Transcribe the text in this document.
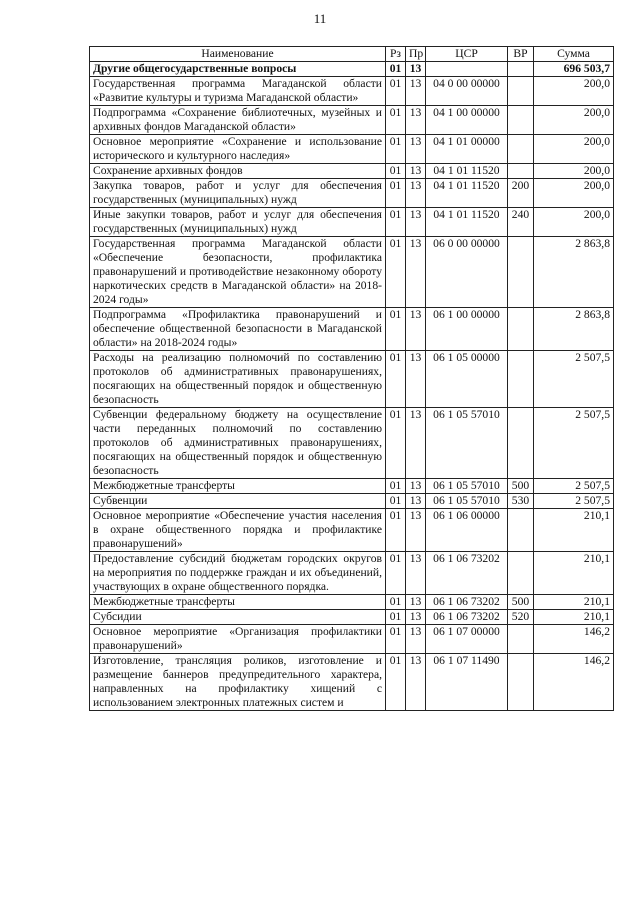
11
Наименование	Рз	Пр	ЦСР	ВР	Сумма
Другие общегосударственные вопросы	01	13			696 503,7
Государственная программа Магаданской области «Развитие культуры и туризма Магаданской области»	01	13	04 0 00 00000		200,0
Подпрограмма «Сохранение библиотечных, музейных и архивных фондов Магаданской области»	01	13	04 1 00 00000		200,0
Основное мероприятие «Сохранение и использование исторического и культурного наследия»	01	13	04 1 01 00000		200,0
Сохранение архивных фондов	01	13	04 1 01 11520		200,0
Закупка товаров, работ и услуг для обеспечения государственных (муниципальных) нужд	01	13	04 1 01 11520	200	200,0
Иные закупки товаров, работ и услуг для обеспечения государственных (муниципальных) нужд	01	13	04 1 01 11520	240	200,0
Государственная программа Магаданской области «Обеспечение безопасности, профилактика правонарушений и противодействие незаконному обороту наркотических средств в Магаданской области» на 2018-2024 годы»	01	13	06 0 00 00000		2 863,8
Подпрограмма «Профилактика правонарушений и обеспечение общественной безопасности в Магаданской области» на 2018-2024 годы»	01	13	06 1 00 00000		2 863,8
Расходы на реализацию полномочий по составлению протоколов об административных правонарушениях, посягающих на общественный порядок и общественную безопасность	01	13	06 1 05 00000		2 507,5
Субвенции федеральному бюджету на осуществление части переданных полномочий по составлению протоколов об административных правонарушениях, посягающих на общественный порядок и общественную безопасность	01	13	06 1 05 57010		2 507,5
Межбюджетные трансферты	01	13	06 1 05 57010	500	2 507,5
Субвенции	01	13	06 1 05 57010	530	2 507,5
Основное мероприятие «Обеспечение участия населения в охране общественного порядка и профилактике правонарушений»	01	13	06 1 06 00000		210,1
Предоставление субсидий бюджетам городских округов на мероприятия по поддержке граждан и их объединений, участвующих в охране общественного порядка.	01	13	06 1 06 73202		210,1
Межбюджетные трансферты	01	13	06 1 06 73202	500	210,1
Субсидии	01	13	06 1 06 73202	520	210,1
Основное мероприятие «Организация профилактики правонарушений»	01	13	06 1 07 00000		146,2
Изготовление, трансляция роликов, изготовление и размещение баннеров предупредительного характера, направленных на профилактику хищений с использованием электронных платежных систем и	01	13	06 1 07 11490		146,2
